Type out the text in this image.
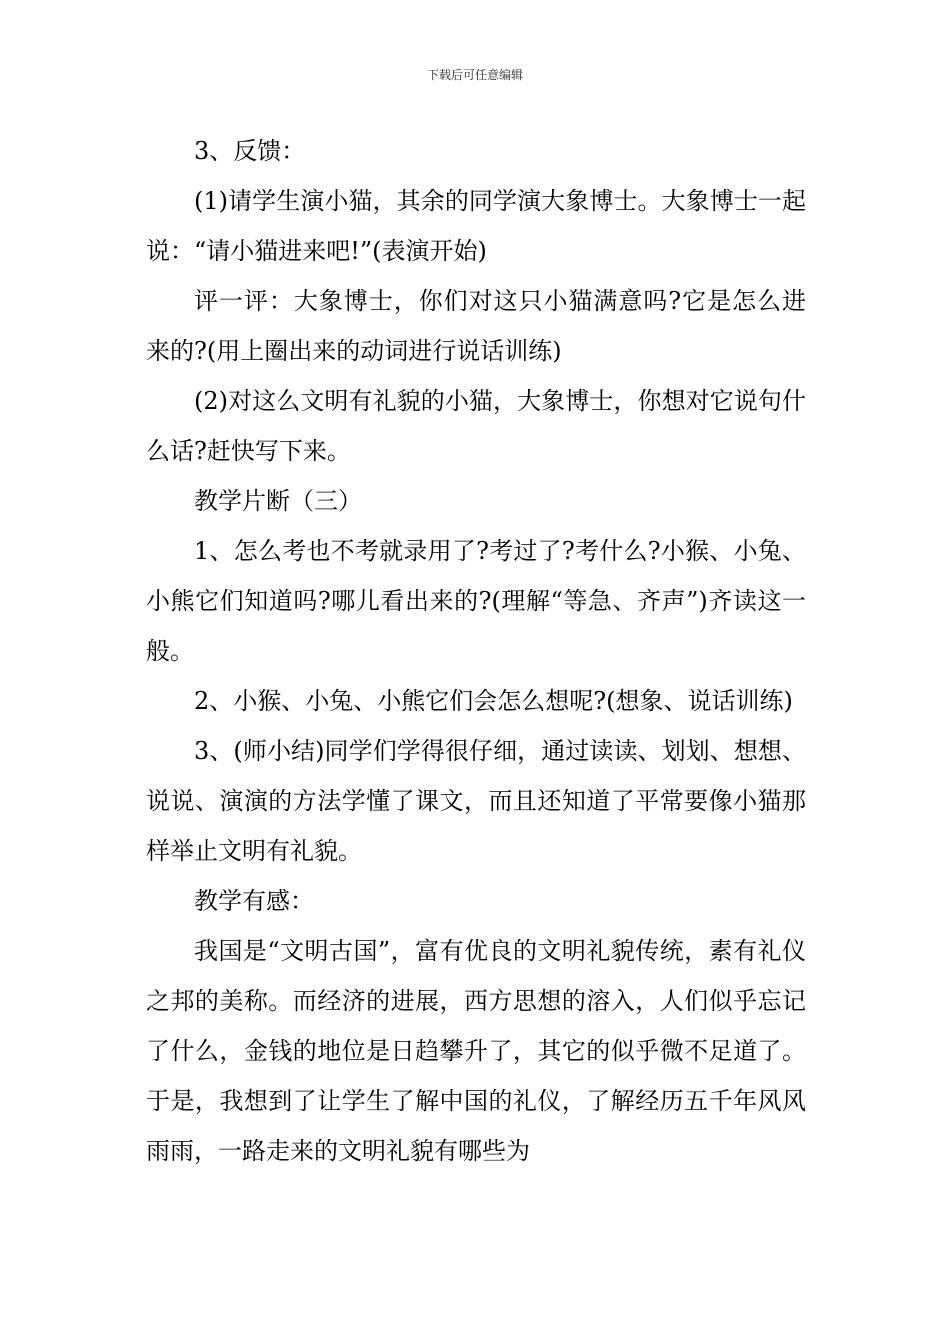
下载后可任意编辑

3、反馈：

(1)请学生演小猫，其余的同学演大象博士。大象博士一起说：“请小猫进来吧!”(表演开始)

评一评：大象博士，你们对这只小猫满意吗?它是怎么进来的?(用上圈出来的动词进行说话训练)

(2)对这么文明有礼貌的小猫，大象博士，你想对它说句什么话?赶快写下来。

教学片断（三）

1、怎么考也不考就录用了?考过了?考什么?小猴、小兔、小熊它们知道吗?哪儿看出来的?(理解“等急、齐声”)齐读这一般。

2、小猴、小兔、小熊它们会怎么想呢?(想象、说话训练)

3、(师小结)同学们学得很仔细，通过读读、划划、想想、说说、演演的方法学懂了课文，而且还知道了平常要像小猫那样举止文明有礼貌。

教学有感：

我国是“文明古国”，富有优良的文明礼貌传统，素有礼仪之邦的美称。而经济的进展，西方思想的溶入，人们似乎忘记了什么，金钱的地位是日趋攀升了，其它的似乎微不足道了。于是，我想到了让学生了解中国的礼仪，了解经历五千年风风雨雨，一路走来的文明礼貌有哪些为
